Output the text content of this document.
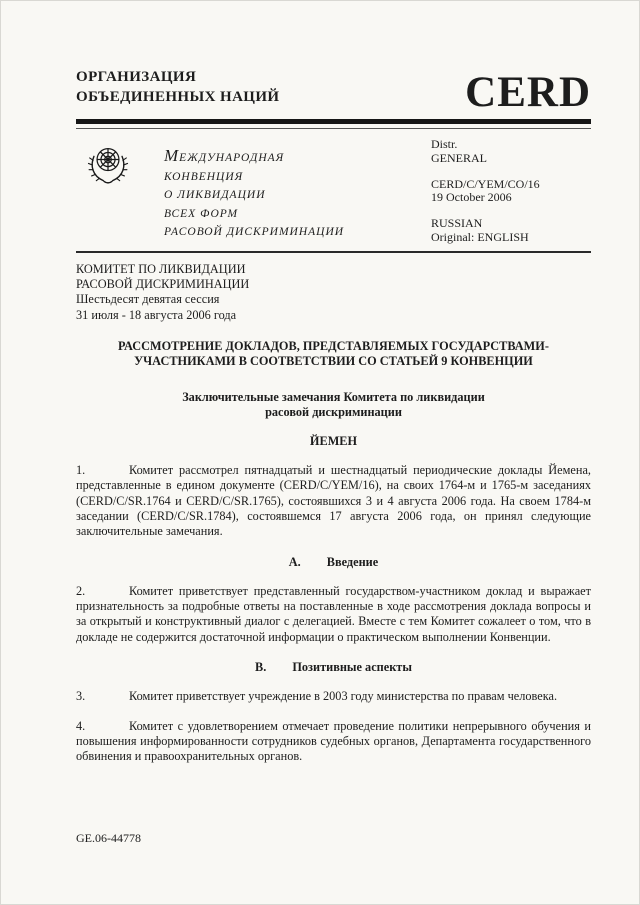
ОРГАНИЗАЦИЯ
ОБЪЕДИНЕННЫХ НАЦИЙ	CERD
МЕЖДУНАРОДНАЯ
КОНВЕНЦИЯ
О ЛИКВИДАЦИИ
ВСЕХ ФОРМ
РАСОВОЙ ДИСКРИМИНАЦИИ
Distr.
GENERAL
CERD/C/YEM/CO/16
19 October 2006
RUSSIAN
Original: ENGLISH
КОМИТЕТ ПО ЛИКВИДАЦИИ
РАСОВОЙ ДИСКРИМИНАЦИИ
Шестьдесят девятая сессия
31 июля - 18 августа 2006 года
РАССМОТРЕНИЕ ДОКЛАДОВ, ПРЕДСТАВЛЯЕМЫХ ГОСУДАРСТВАМИ-
УЧАСТНИКАМИ В СООТВЕТСТВИИ СО СТАТЬЕЙ 9 КОНВЕНЦИИ
Заключительные замечания Комитета по ликвидации
расовой дискриминации
ЙЕМЕН

1.	Комитет рассмотрел пятнадцатый и шестнадцатый периодические доклады Йемена, представленные в едином документе (CERD/C/YEM/16), на своих 1764-м и 1765-м заседаниях (CERD/C/SR.1764 и CERD/C/SR.1765), состоявшихся 3 и 4 августа 2006 года. На своем 1784-м заседании (CERD/C/SR.1784), состоявшемся 17 августа 2006 года, он принял следующие заключительные замечания.

A. Введение

2.	Комитет приветствует представленный государством-участником доклад и выражает признательность за подробные ответы на поставленные в ходе рассмотрения доклада вопросы и за открытый и конструктивный диалог с делегацией. Вместе с тем Комитет сожалеет о том, что в докладе не содержится достаточной информации о практическом выполнении Конвенции.

B. Позитивные аспекты

3.	Комитет приветствует учреждение в 2003 году министерства по правам человека.

4.	Комитет с удовлетворением отмечает проведение политики непрерывного обучения и повышения информированности сотрудников судебных органов, Департамента государственного обвинения и правоохранительных органов.

GE.06-44778
